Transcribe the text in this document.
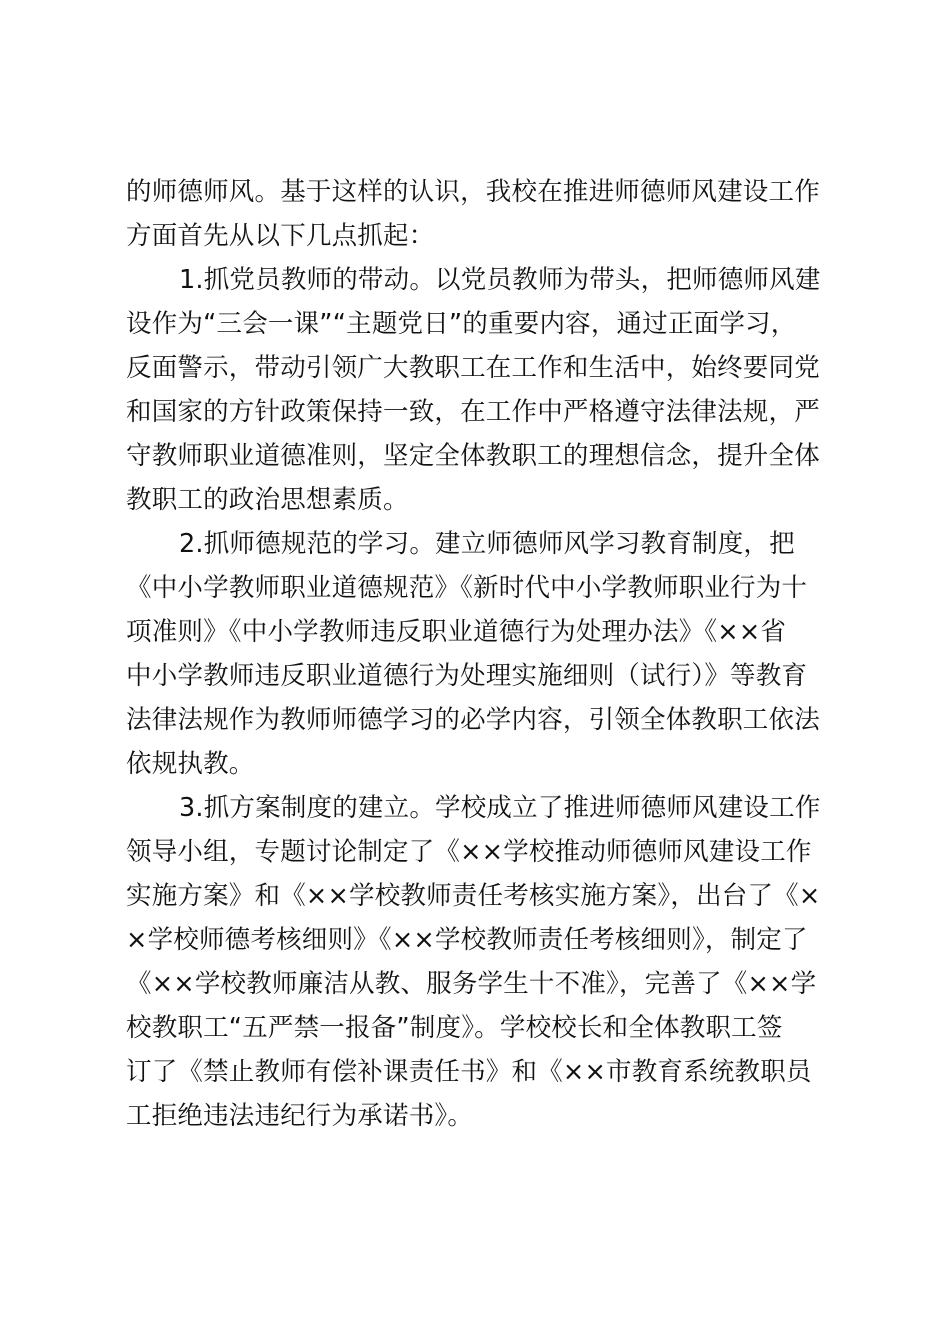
的师德师风。基于这样的认识，我校在推进师德师风建设工作
方面首先从以下几点抓起：
1.抓党员教师的带动。以党员教师为带头，把师德师风建
设作为“三会一课”“主题党日”的重要内容，通过正面学习，
反面警示，带动引领广大教职工在工作和生活中，始终要同党
和国家的方针政策保持一致，在工作中严格遵守法律法规，严
守教师职业道德准则，坚定全体教职工的理想信念，提升全体
教职工的政治思想素质。
2.抓师德规范的学习。建立师德师风学习教育制度，把
《中小学教师职业道德规范》《新时代中小学教师职业行为十
项准则》《中小学教师违反职业道德行为处理办法》《××省
中小学教师违反职业道德行为处理实施细则（试行）》等教育
法律法规作为教师师德学习的必学内容，引领全体教职工依法
依规执教。
3.抓方案制度的建立。学校成立了推进师德师风建设工作
领导小组，专题讨论制定了《××学校推动师德师风建设工作
实施方案》和《××学校教师责任考核实施方案》，出台了《×
×学校师德考核细则》《××学校教师责任考核细则》，制定了
《××学校教师廉洁从教、服务学生十不准》，完善了《××学
校教职工“五严禁一报备”制度》。学校校长和全体教职工签
订了《禁止教师有偿补课责任书》和《××市教育系统教职员
工拒绝违法违纪行为承诺书》。
